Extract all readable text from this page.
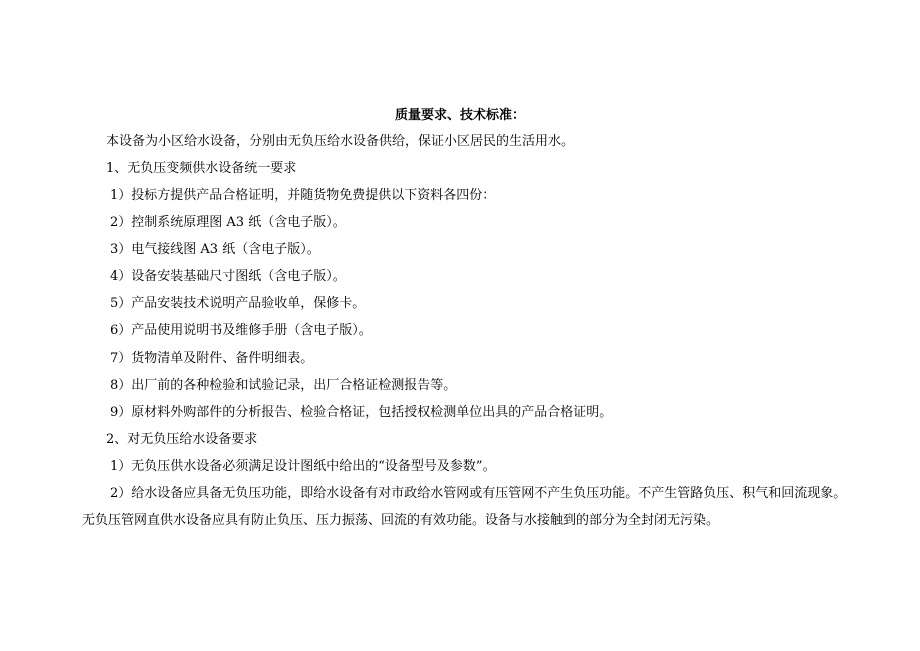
质量要求、技术标准：
本设备为小区给水设备，分别由无负压给水设备供给，保证小区居民的生活用水。
1、无负压变频供水设备统一要求
1）投标方提供产品合格证明，并随货物免费提供以下资料各四份：
2）控制系统原理图 A3 纸（含电子版）。
3）电气接线图 A3 纸（含电子版）。
4）设备安装基础尺寸图纸（含电子版）。
5）产品安装技术说明产品验收单，保修卡。
6）产品使用说明书及维修手册（含电子版）。
7）货物清单及附件、备件明细表。
8）出厂前的各种检验和试验记录，出厂合格证检测报告等。
9）原材料外购部件的分析报告、检验合格证，包括授权检测单位出具的产品合格证明。
2、对无负压给水设备要求
1）无负压供水设备必须满足设计图纸中给出的“设备型号及参数”。
2）给水设备应具备无负压功能，即给水设备有对市政给水管网或有压管网不产生负压功能。不产生管路负压、积气和回流现象。
无负压管网直供水设备应具有防止负压、压力振荡、回流的有效功能。设备与水接触到的部分为全封闭无污染。
